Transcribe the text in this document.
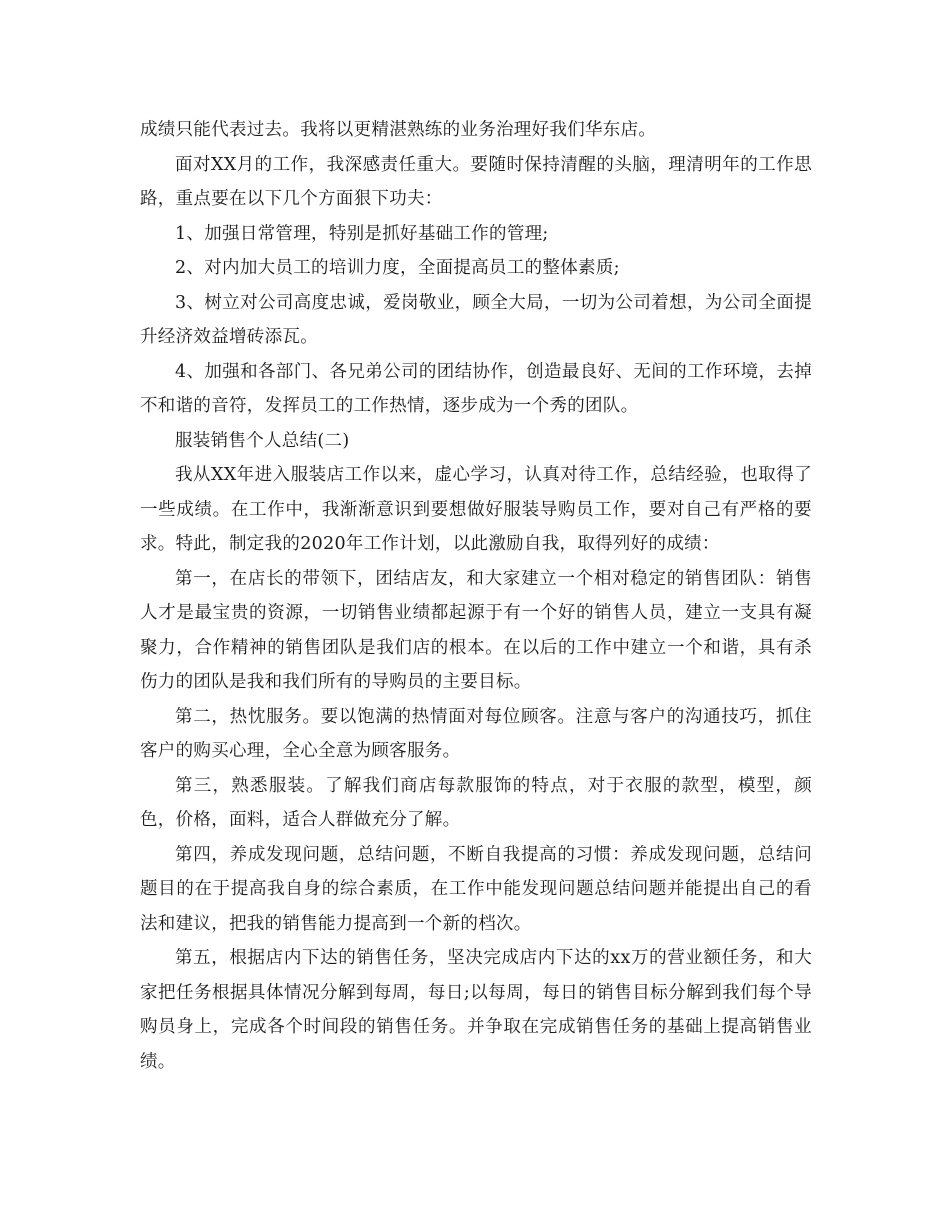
成绩只能代表过去。我将以更精湛熟练的业务治理好我们华东店。

面对XX月的工作，我深感责任重大。要随时保持清醒的头脑，理清明年的工作思路，重点要在以下几个方面狠下功夫：

1、加强日常管理，特别是抓好基础工作的管理;

2、对内加大员工的培训力度，全面提高员工的整体素质;

3、树立对公司高度忠诚，爱岗敬业，顾全大局，一切为公司着想，为公司全面提升经济效益增砖添瓦。

4、加强和各部门、各兄弟公司的团结协作，创造最良好、无间的工作环境，去掉不和谐的音符，发挥员工的工作热情，逐步成为一个秀的团队。

服装销售个人总结(二)

我从XX年进入服装店工作以来，虚心学习，认真对待工作，总结经验，也取得了一些成绩。在工作中，我渐渐意识到要想做好服装导购员工作，要对自己有严格的要求。特此，制定我的2020年工作计划，以此激励自我，取得列好的成绩：

第一，在店长的带领下，团结店友，和大家建立一个相对稳定的销售团队：销售人才是最宝贵的资源，一切销售业绩都起源于有一个好的销售人员，建立一支具有凝聚力，合作精神的销售团队是我们店的根本。在以后的工作中建立一个和谐，具有杀伤力的团队是我和我们所有的导购员的主要目标。

第二，热忱服务。要以饱满的热情面对每位顾客。注意与客户的沟通技巧，抓住客户的购买心理，全心全意为顾客服务。

第三，熟悉服装。了解我们商店每款服饰的特点，对于衣服的款型，模型，颜色，价格，面料，适合人群做充分了解。

第四，养成发现问题，总结问题，不断自我提高的习惯：养成发现问题，总结问题目的在于提高我自身的综合素质，在工作中能发现问题总结问题并能提出自己的看法和建议，把我的销售能力提高到一个新的档次。

第五，根据店内下达的销售任务，坚决完成店内下达的xx万的营业额任务，和大家把任务根据具体情况分解到每周，每日;以每周，每日的销售目标分解到我们每个导购员身上，完成各个时间段的销售任务。并争取在完成销售任务的基础上提高销售业绩。
